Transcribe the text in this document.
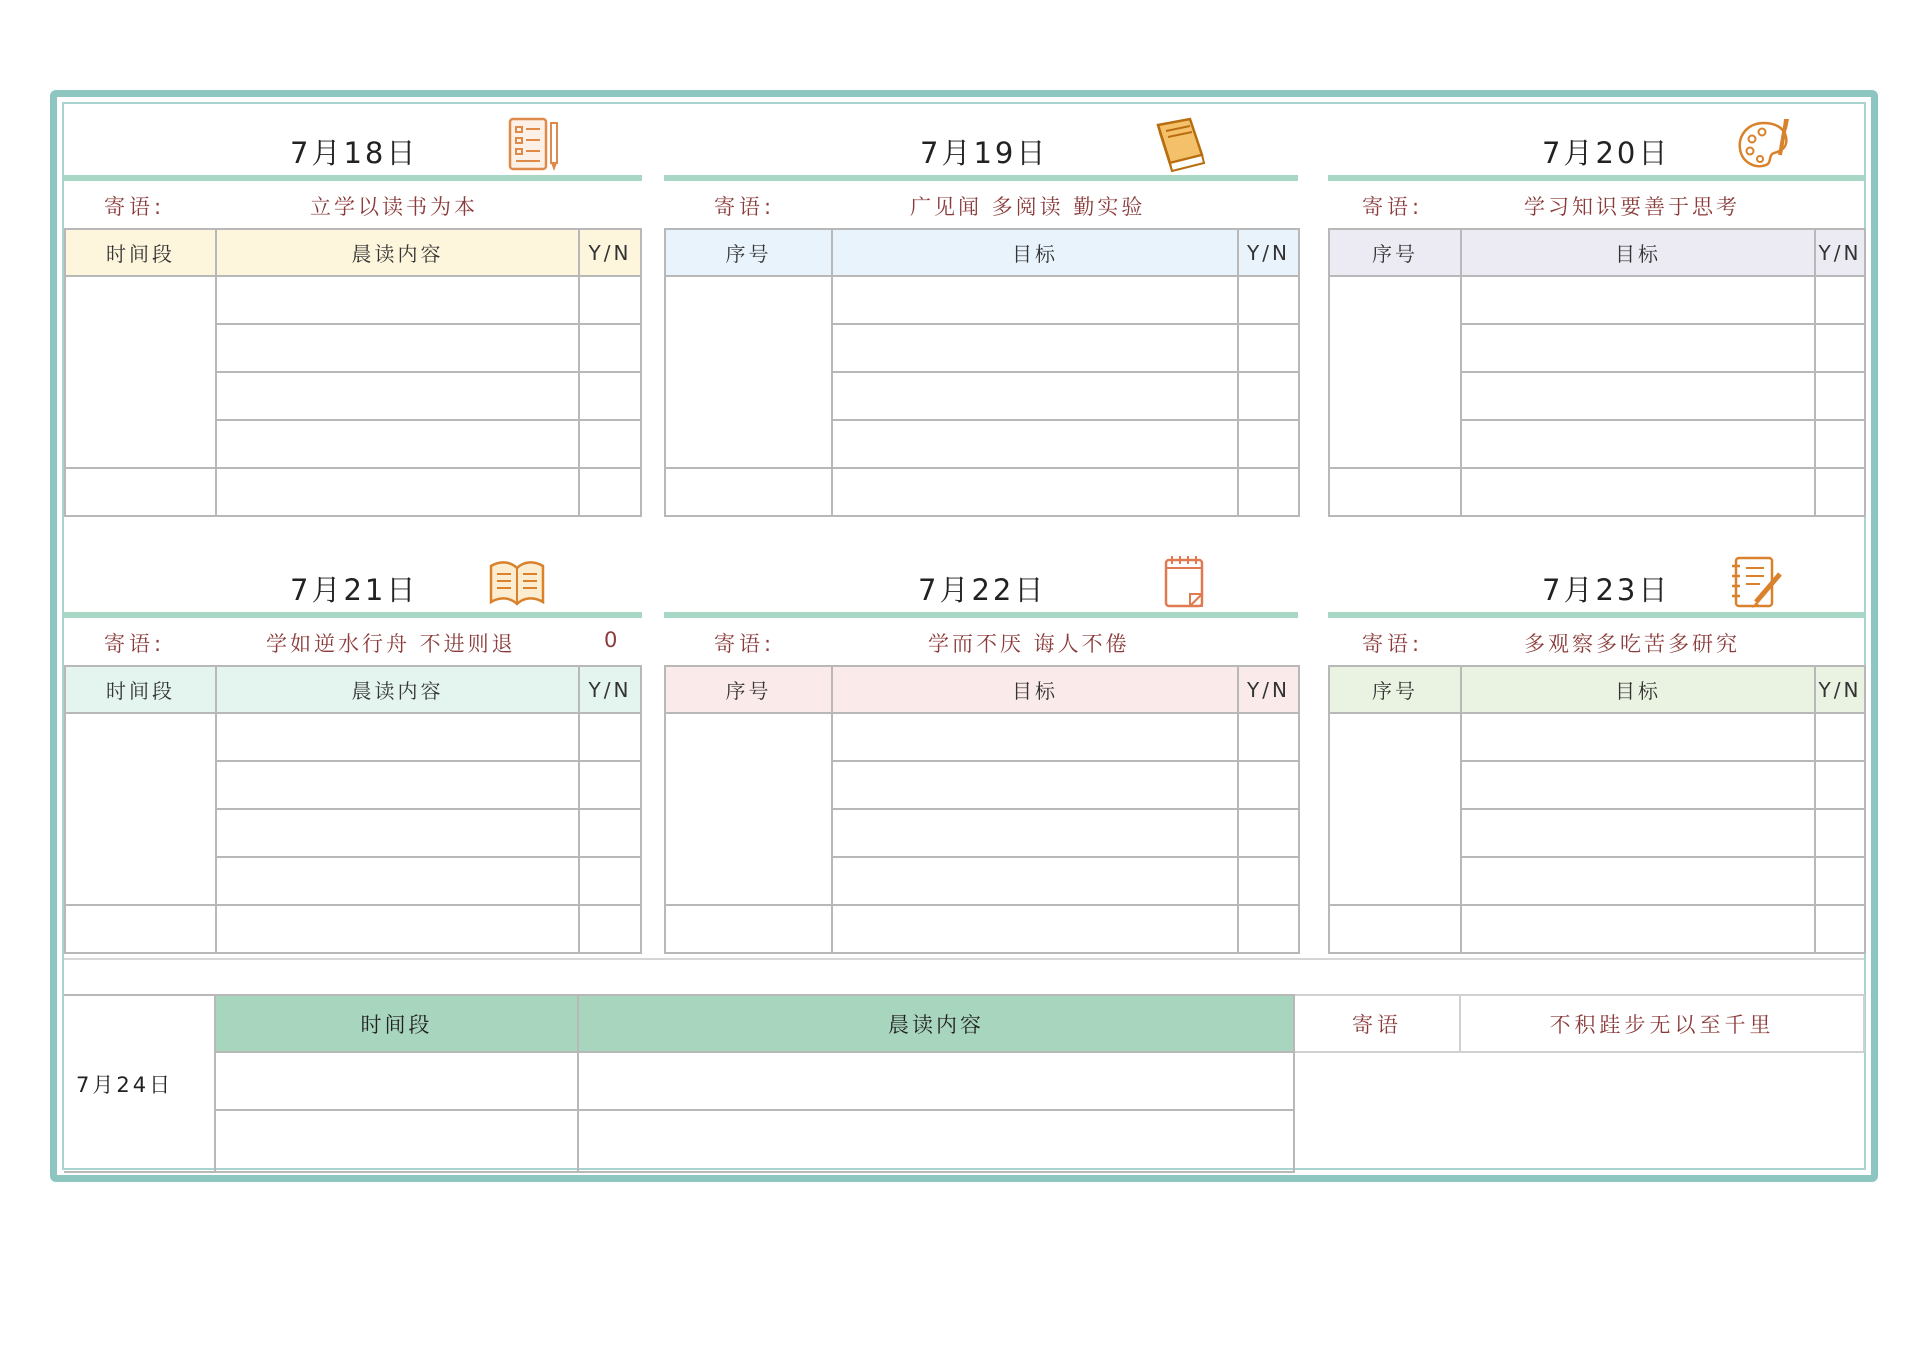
7月18日
寄语:	立学以读书为本
时间段	晨读内容	Y/N

7月19日
寄语:	广见闻 多阅读 勤实验
序号	目标	Y/N

7月20日
寄语:	学习知识要善于思考
序号	目标	Y/N

7月21日
寄语:	学如逆水行舟 不进则退	0
时间段	晨读内容	Y/N

7月22日
寄语:	学而不厌 诲人不倦
序号	目标	Y/N

7月23日
寄语:	多观察多吃苦多研究
序号	目标	Y/N

7月24日	时间段	晨读内容	寄语	不积跬步无以至千里
